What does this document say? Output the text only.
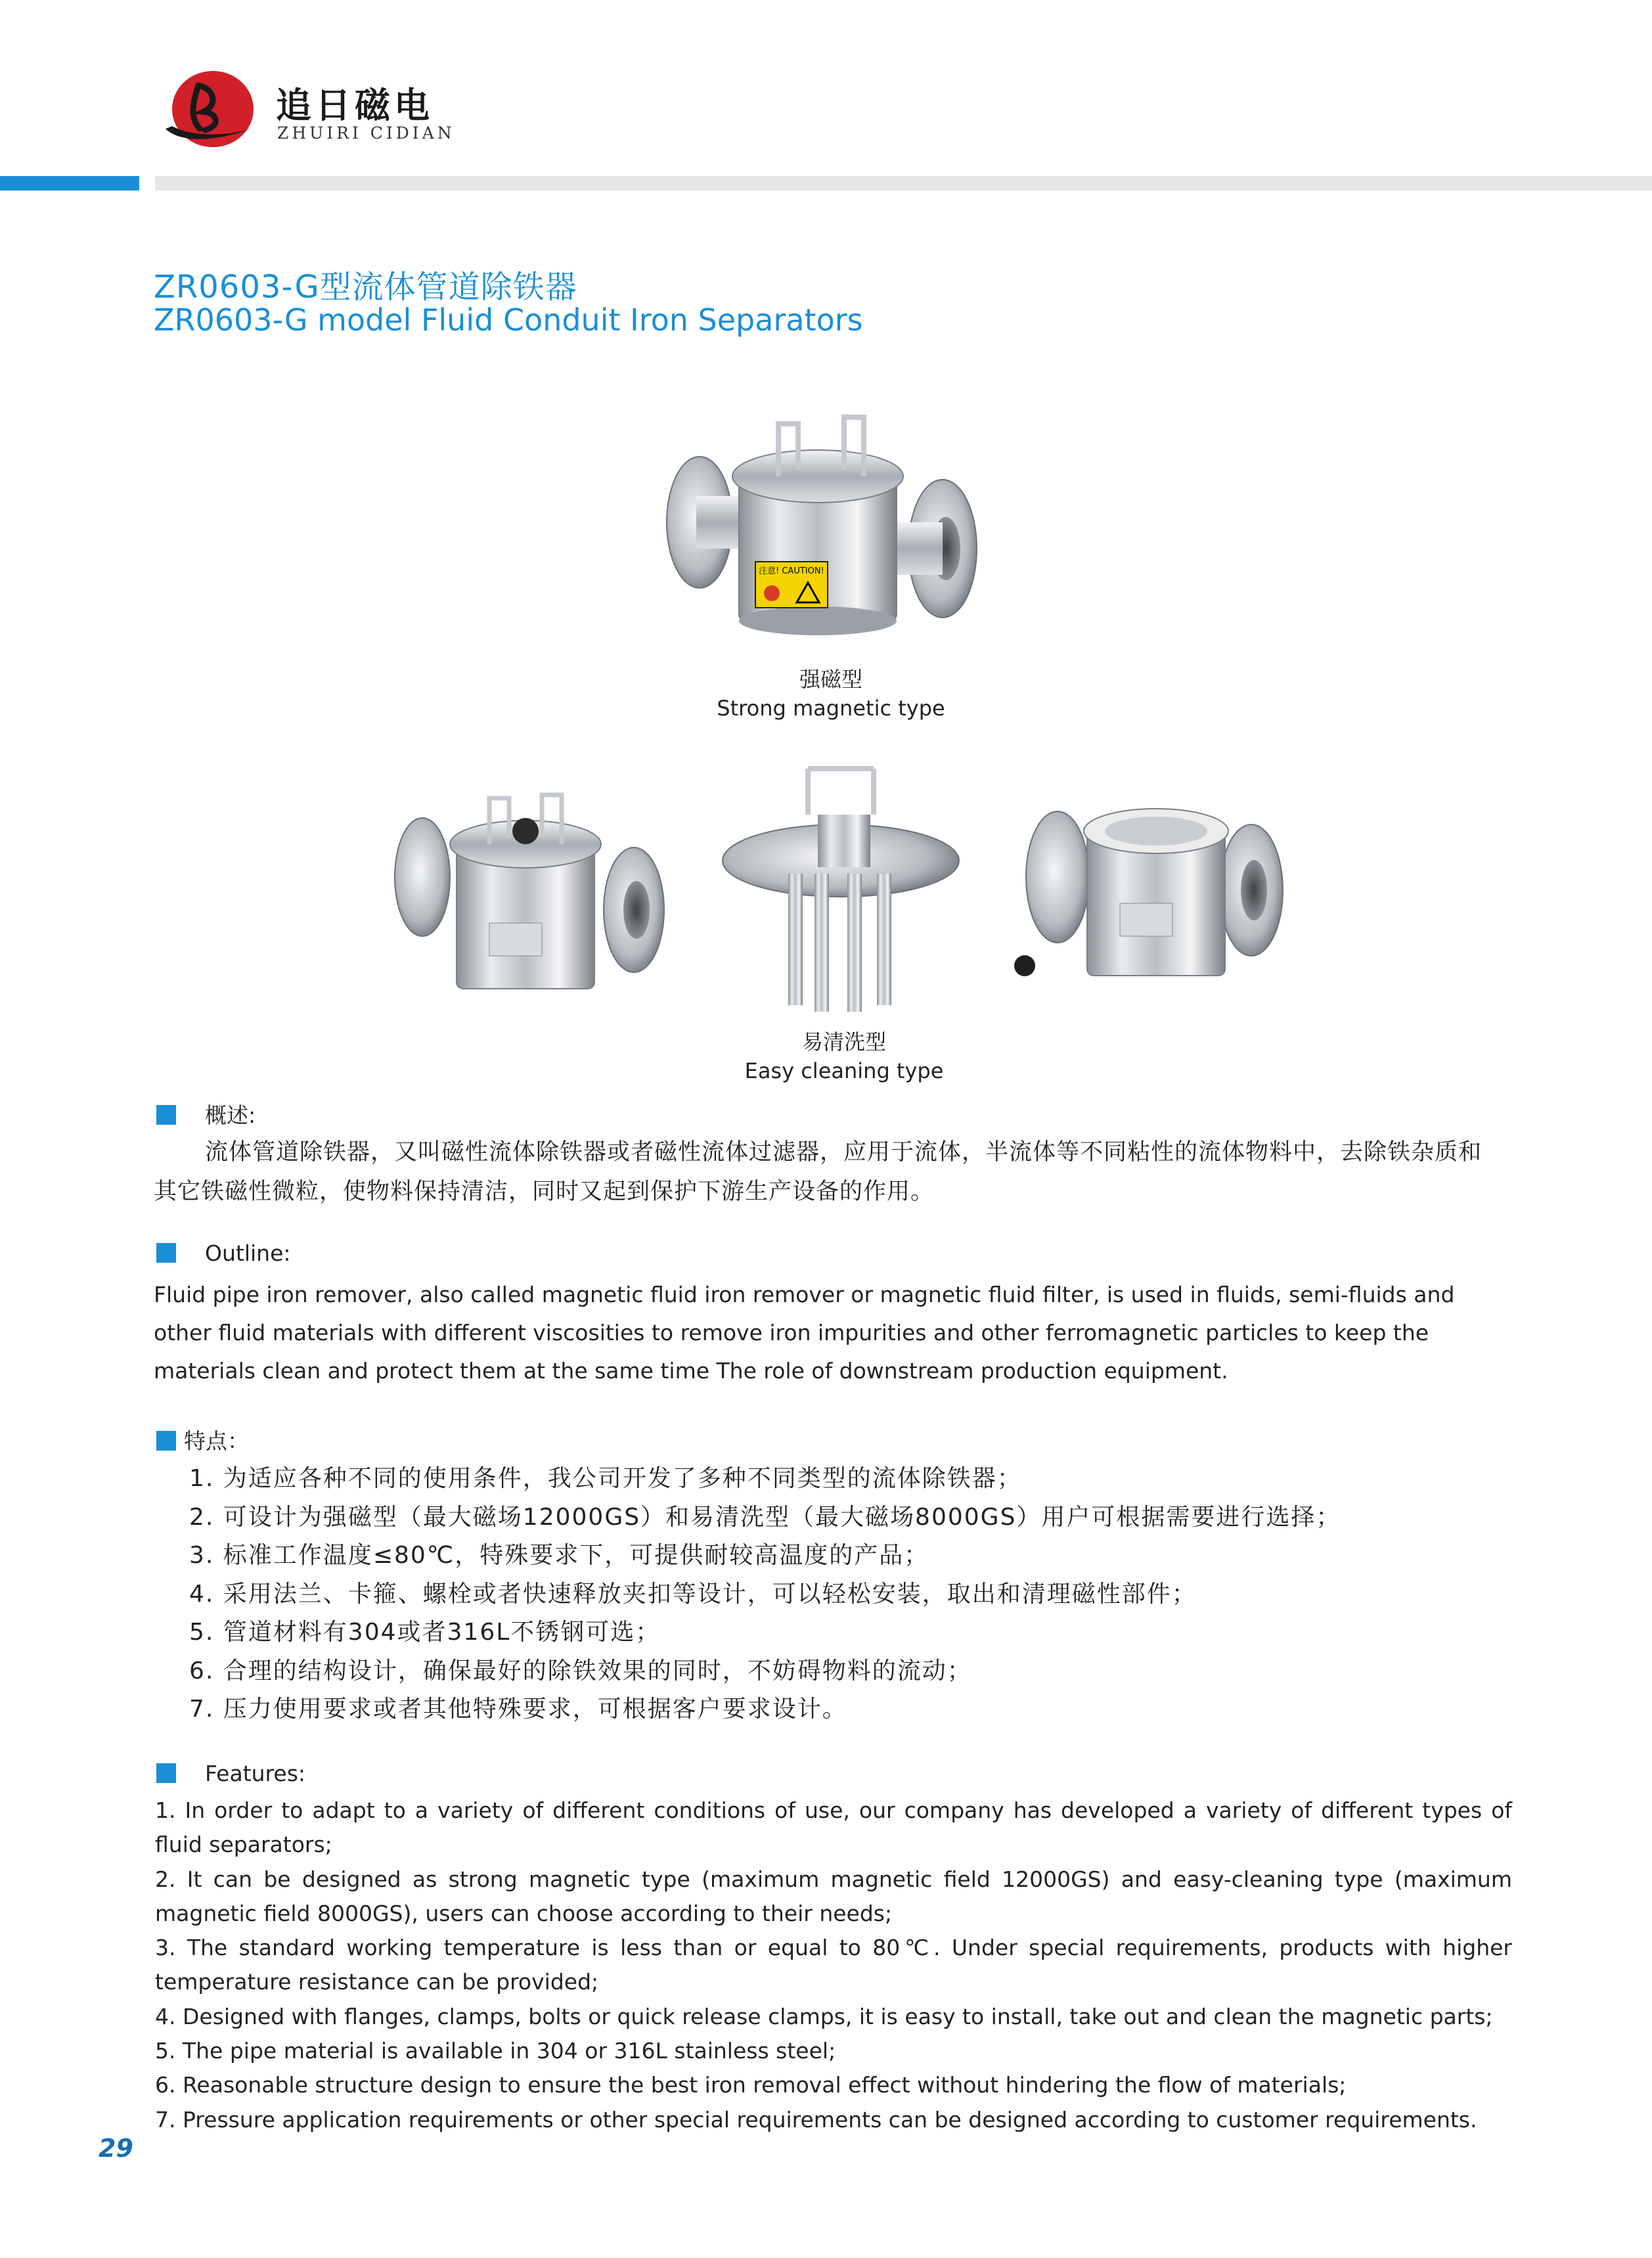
追日磁电
ZHUIRI CIDIAN
ZR0603-G型流体管道除铁器
ZR0603-G model Fluid Conduit Iron Separators
注意! CAUTION!
强磁型
Strong magnetic type
易清洗型
Easy cleaning type
概述:
流体管道除铁器，又叫磁性流体除铁器或者磁性流体过滤器，应用于流体，半流体等不同粘性的流体物料中，去除铁杂质和其它铁磁性微粒，使物料保持清洁，同时又起到保护下游生产设备的作用。
Outline:
Fluid pipe iron remover, also called magnetic fluid iron remover or magnetic fluid filter, is used in fluids, semi-fluids and other fluid materials with different viscosities to remove iron impurities and other ferromagnetic particles to keep the materials clean and protect them at the same time The role of downstream production equipment.
特点：
1. 为适应各种不同的使用条件，我公司开发了多种不同类型的流体除铁器；
2. 可设计为强磁型（最大磁场12000GS）和易清洗型（最大磁场8000GS）用户可根据需要进行选择；
3. 标准工作温度≤80℃，特殊要求下，可提供耐较高温度的产品；
4. 采用法兰、卡箍、螺栓或者快速释放夹扣等设计，可以轻松安装，取出和清理磁性部件；
5. 管道材料有304或者316L不锈钢可选；
6. 合理的结构设计，确保最好的除铁效果的同时，不妨碍物料的流动；
7. 压力使用要求或者其他特殊要求，可根据客户要求设计。
Features:
1. In order to adapt to a variety of different conditions of use, our company has developed a variety of different types of fluid separators;
2. It can be designed as strong magnetic type (maximum magnetic field 12000GS) and easy-cleaning type (maximum magnetic field 8000GS), users can choose according to their needs;
3. The standard working temperature is less than or equal to 80℃. Under special requirements, products with higher temperature resistance can be provided;
4. Designed with flanges, clamps, bolts or quick release clamps, it is easy to install, take out and clean the magnetic parts;
5. The pipe material is available in 304 or 316L stainless steel;
6. Reasonable structure design to ensure the best iron removal effect without hindering the flow of materials;
7. Pressure application requirements or other special requirements can be designed according to customer requirements.
29
